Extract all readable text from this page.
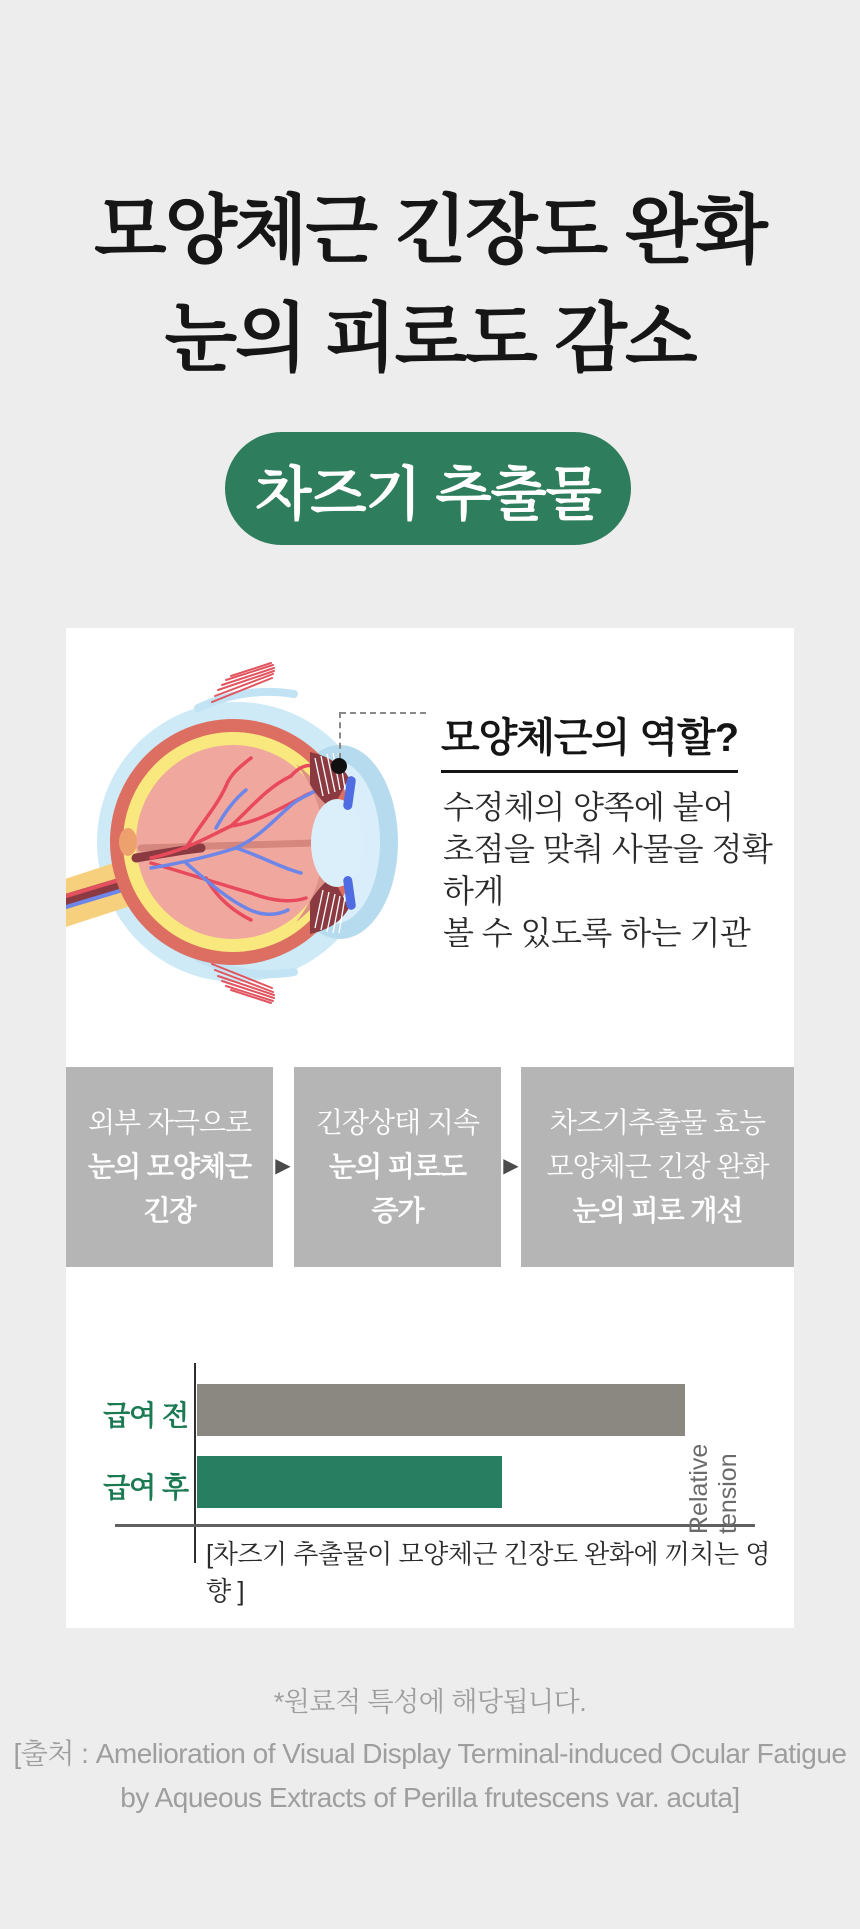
모양체근 긴장도 완화
눈의 피로도 감소
차즈기 추출물
모양체근의 역할?
수정체의 양쪽에 붙어
초점을 맞춰 사물을 정확하게
볼 수 있도록 하는 기관
외부 자극으로
눈의 모양체근
긴장
▶
긴장상태 지속
눈의 피로도
증가
▶
차즈기추출물 효능
모양체근 긴장 완화
눈의 피로 개선
급여 전
급여 후	Relative tension
[차즈기 추출물이 모양체근 긴장도 완화에 끼치는 영향 ]
*원료적 특성에 해당됩니다.
[출처 : Amelioration of Visual Display Terminal-induced Ocular Fatigue
by Aqueous Extracts of Perilla frutescens var. acuta]
